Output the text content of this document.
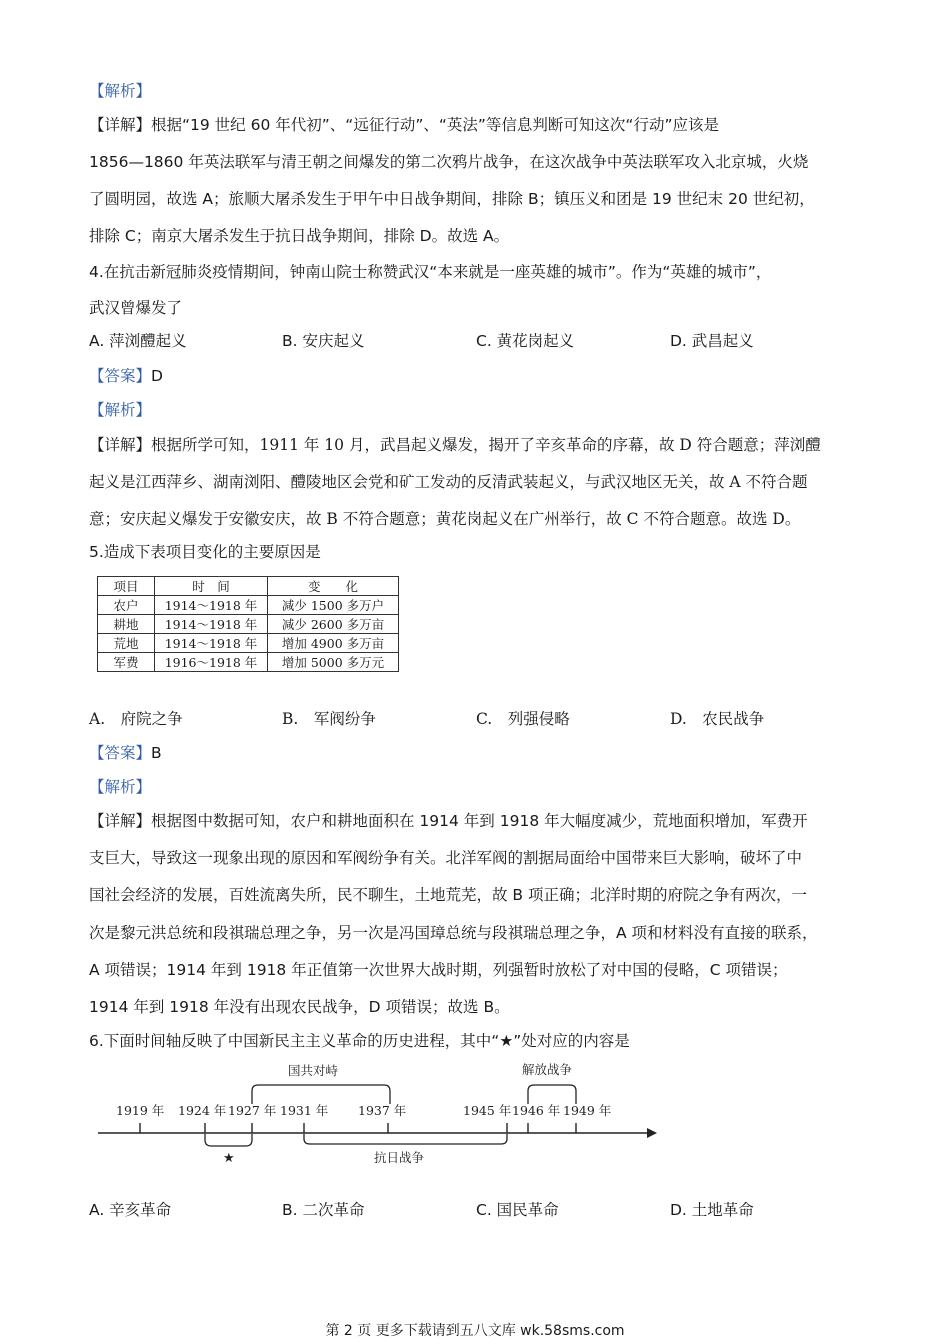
【解析】
【详解】根据“19 世纪 60 年代初”、“远征行动”、“英法”等信息判断可知这次“行动”应该是
1856—1860 年英法联军与清王朝之间爆发的第二次鸦片战争，在这次战争中英法联军攻入北京城，火烧
了圆明园，故选 A；旅顺大屠杀发生于甲午中日战争期间，排除 B；镇压义和团是 19 世纪末 20 世纪初，
排除 C；南京大屠杀发生于抗日战争期间，排除 D。故选 A。
4.在抗击新冠肺炎疫情期间，钟南山院士称赞武汉“本来就是一座英雄的城市”。作为“英雄的城市”，
武汉曾爆发了
A. 萍浏醴起义	B. 安庆起义	C. 黄花岗起义	D. 武昌起义
【答案】D
【解析】
【详解】根据所学可知，1911 年 10 月，武昌起义爆发，揭开了辛亥革命的序幕，故 D 符合题意；萍浏醴
起义是江西萍乡、湖南浏阳、醴陵地区会党和矿工发动的反清武装起义，与武汉地区无关，故 A 不符合题
意；安庆起义爆发于安徽安庆，故 B 不符合题意；黄花岗起义在广州举行，故 C 不符合题意。故选 D。
5.造成下表项目变化的主要原因是
项目	时　间	变　　化
农户	1914～1918 年	减少 1500 多万户
耕地	1914～1918 年	减少 2600 多万亩
荒地	1914～1918 年	增加 4900 多万亩
军费	1916～1918 年	增加 5000 多万元
A.　府院之争	B.　军阀纷争	C.　列强侵略	D.　农民战争
【答案】B
【解析】
【详解】根据图中数据可知，农户和耕地面积在 1914 年到 1918 年大幅度减少，荒地面积增加，军费开
支巨大，导致这一现象出现的原因和军阀纷争有关。北洋军阀的割据局面给中国带来巨大影响，破坏了中
国社会经济的发展，百姓流离失所，民不聊生，土地荒芜，故 B 项正确；北洋时期的府院之争有两次，一
次是黎元洪总统和段祺瑞总理之争，另一次是冯国璋总统与段祺瑞总理之争，A 项和材料没有直接的联系，
A 项错误；1914 年到 1918 年正值第一次世界大战时期，列强暂时放松了对中国的侵略，C 项错误；
1914 年到 1918 年没有出现农民战争，D 项错误；故选 B。
6.下面时间轴反映了中国新民主主义革命的历史进程，其中“★”处对应的内容是
1919 年 1924 年 1927 年 1931 年 1937 年	1945 年 1946 年 1949 年
国共对峙	解放战争
★	抗日战争
A. 辛亥革命	B. 二次革命	C. 国民革命	D. 土地革命
第 2 页 更多下载请到五八文库 wk.58sms.com
